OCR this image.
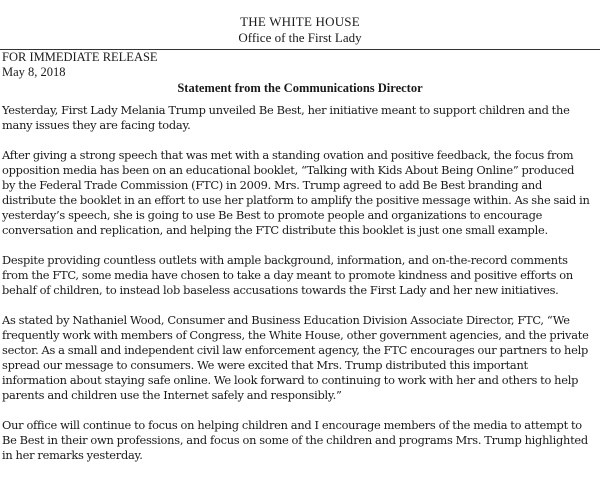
THE WHITE HOUSE
Office of the First Lady
FOR IMMEDIATE RELEASE
May 8, 2018
Statement from the Communications Director
Yesterday, First Lady Melania Trump unveiled Be Best, her initiative meant to support children and the
many issues they are facing today.
After giving a strong speech that was met with a standing ovation and positive feedback, the focus from
opposition media has been on an educational booklet, “Talking with Kids About Being Online” produced
by the Federal Trade Commission (FTC) in 2009. Mrs. Trump agreed to add Be Best branding and
distribute the booklet in an effort to use her platform to amplify the positive message within. As she said in
yesterday’s speech, she is going to use Be Best to promote people and organizations to encourage
conversation and replication, and helping the FTC distribute this booklet is just one small example.
Despite providing countless outlets with ample background, information, and on-the-record comments
from the FTC, some media have chosen to take a day meant to promote kindness and positive efforts on
behalf of children, to instead lob baseless accusations towards the First Lady and her new initiatives.
As stated by Nathaniel Wood, Consumer and Business Education Division Associate Director, FTC, “We
frequently work with members of Congress, the White House, other government agencies, and the private
sector. As a small and independent civil law enforcement agency, the FTC encourages our partners to help
spread our message to consumers. We were excited that Mrs. Trump distributed this important
information about staying safe online. We look forward to continuing to work with her and others to help
parents and children use the Internet safely and responsibly.”
Our office will continue to focus on helping children and I encourage members of the media to attempt to
Be Best in their own professions, and focus on some of the children and programs Mrs. Trump highlighted
in her remarks yesterday.
